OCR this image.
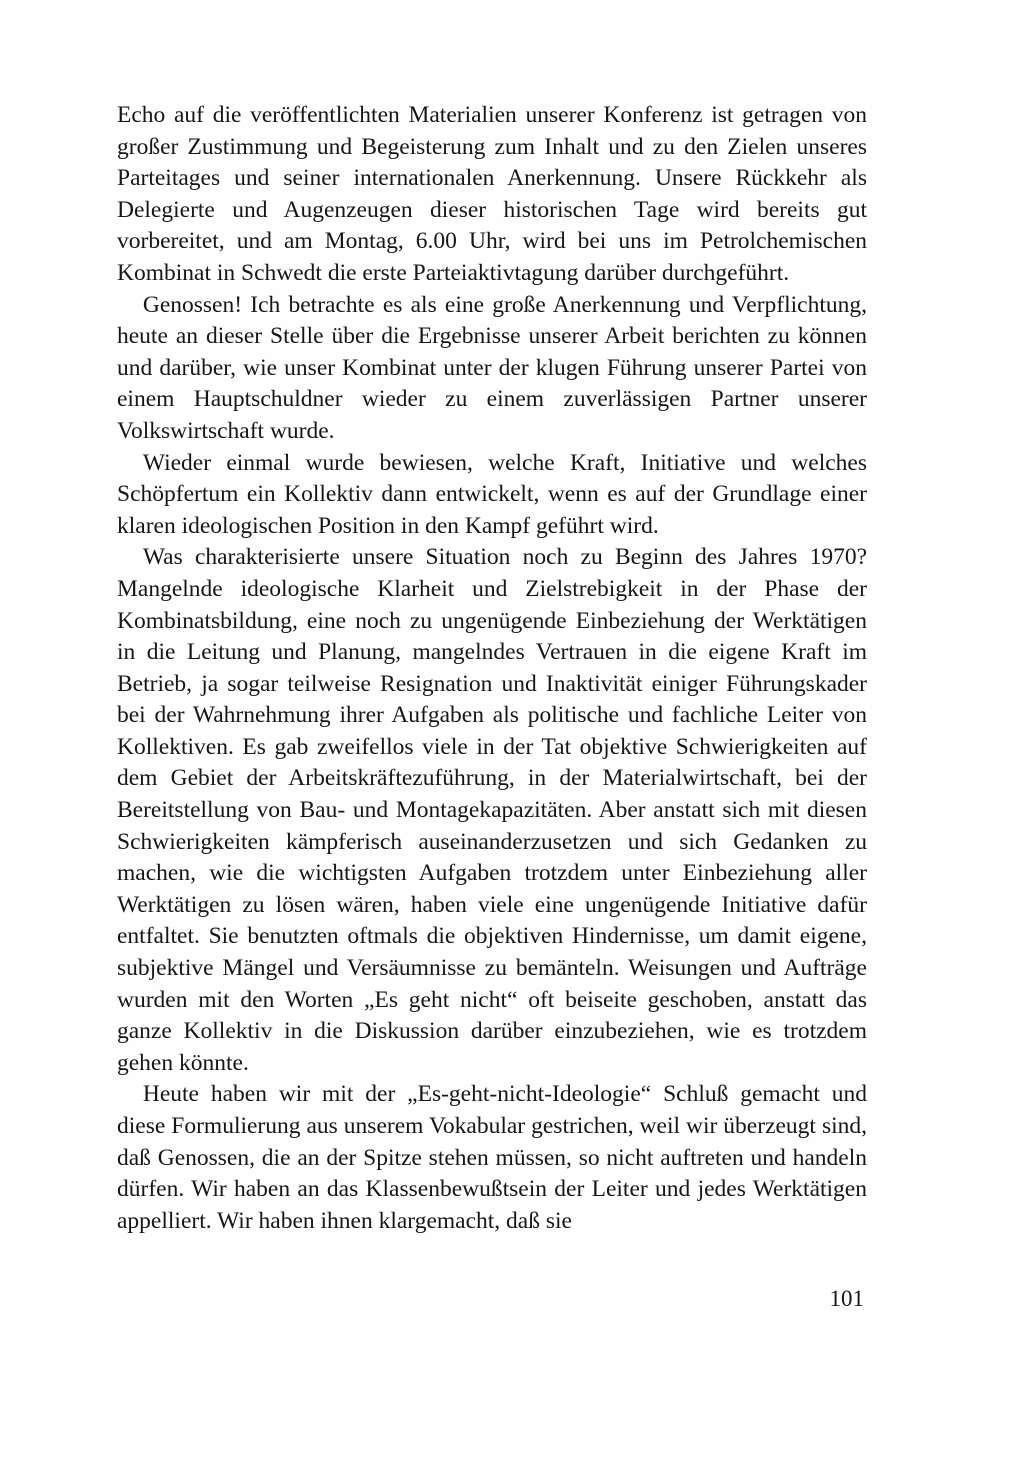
Echo auf die veröffentlichten Materialien unserer Konferenz ist getragen von großer Zustimmung und Begeisterung zum Inhalt und zu den Zielen unseres Parteitages und seiner internationalen Anerkennung. Unsere Rückkehr als Delegierte und Augenzeugen dieser historischen Tage wird bereits gut vorbereitet, und am Montag, 6.00 Uhr, wird bei uns im Petrolchemischen Kombinat in Schwedt die erste Parteiaktivtagung darüber durchgeführt.

Genossen! Ich betrachte es als eine große Anerkennung und Verpflichtung, heute an dieser Stelle über die Ergebnisse unserer Arbeit berichten zu können und darüber, wie unser Kombinat unter der klugen Führung unserer Partei von einem Hauptschuldner wieder zu einem zuverlässigen Partner unserer Volkswirtschaft wurde.

Wieder einmal wurde bewiesen, welche Kraft, Initiative und welches Schöpfertum ein Kollektiv dann entwickelt, wenn es auf der Grundlage einer klaren ideologischen Position in den Kampf geführt wird.

Was charakterisierte unsere Situation noch zu Beginn des Jahres 1970? Mangelnde ideologische Klarheit und Zielstrebigkeit in der Phase der Kombinatsbildung, eine noch zu ungenügende Einbeziehung der Werktätigen in die Leitung und Planung, mangelndes Vertrauen in die eigene Kraft im Betrieb, ja sogar teilweise Resignation und Inaktivität einiger Führungskader bei der Wahrnehmung ihrer Aufgaben als politische und fachliche Leiter von Kollektiven. Es gab zweifellos viele in der Tat objektive Schwierigkeiten auf dem Gebiet der Arbeitskräftezuführung, in der Materialwirtschaft, bei der Bereitstellung von Bau- und Montagekapazitäten. Aber anstatt sich mit diesen Schwierigkeiten kämpferisch auseinanderzusetzen und sich Gedanken zu machen, wie die wichtigsten Aufgaben trotzdem unter Einbeziehung aller Werktätigen zu lösen wären, haben viele eine ungenügende Initiative dafür entfaltet. Sie benutzten oftmals die objektiven Hindernisse, um damit eigene, subjektive Mängel und Versäumnisse zu bemänteln. Weisungen und Aufträge wurden mit den Worten „Es geht nicht“ oft beiseite geschoben, anstatt das ganze Kollektiv in die Diskussion darüber einzubeziehen, wie es trotzdem gehen könnte.

Heute haben wir mit der „Es-geht-nicht-Ideologie“ Schluß gemacht und diese Formulierung aus unserem Vokabular gestrichen, weil wir überzeugt sind, daß Genossen, die an der Spitze stehen müssen, so nicht auftreten und handeln dürfen. Wir haben an das Klassenbewußtsein der Leiter und jedes Werktätigen appelliert. Wir haben ihnen klargemacht, daß sie

101
